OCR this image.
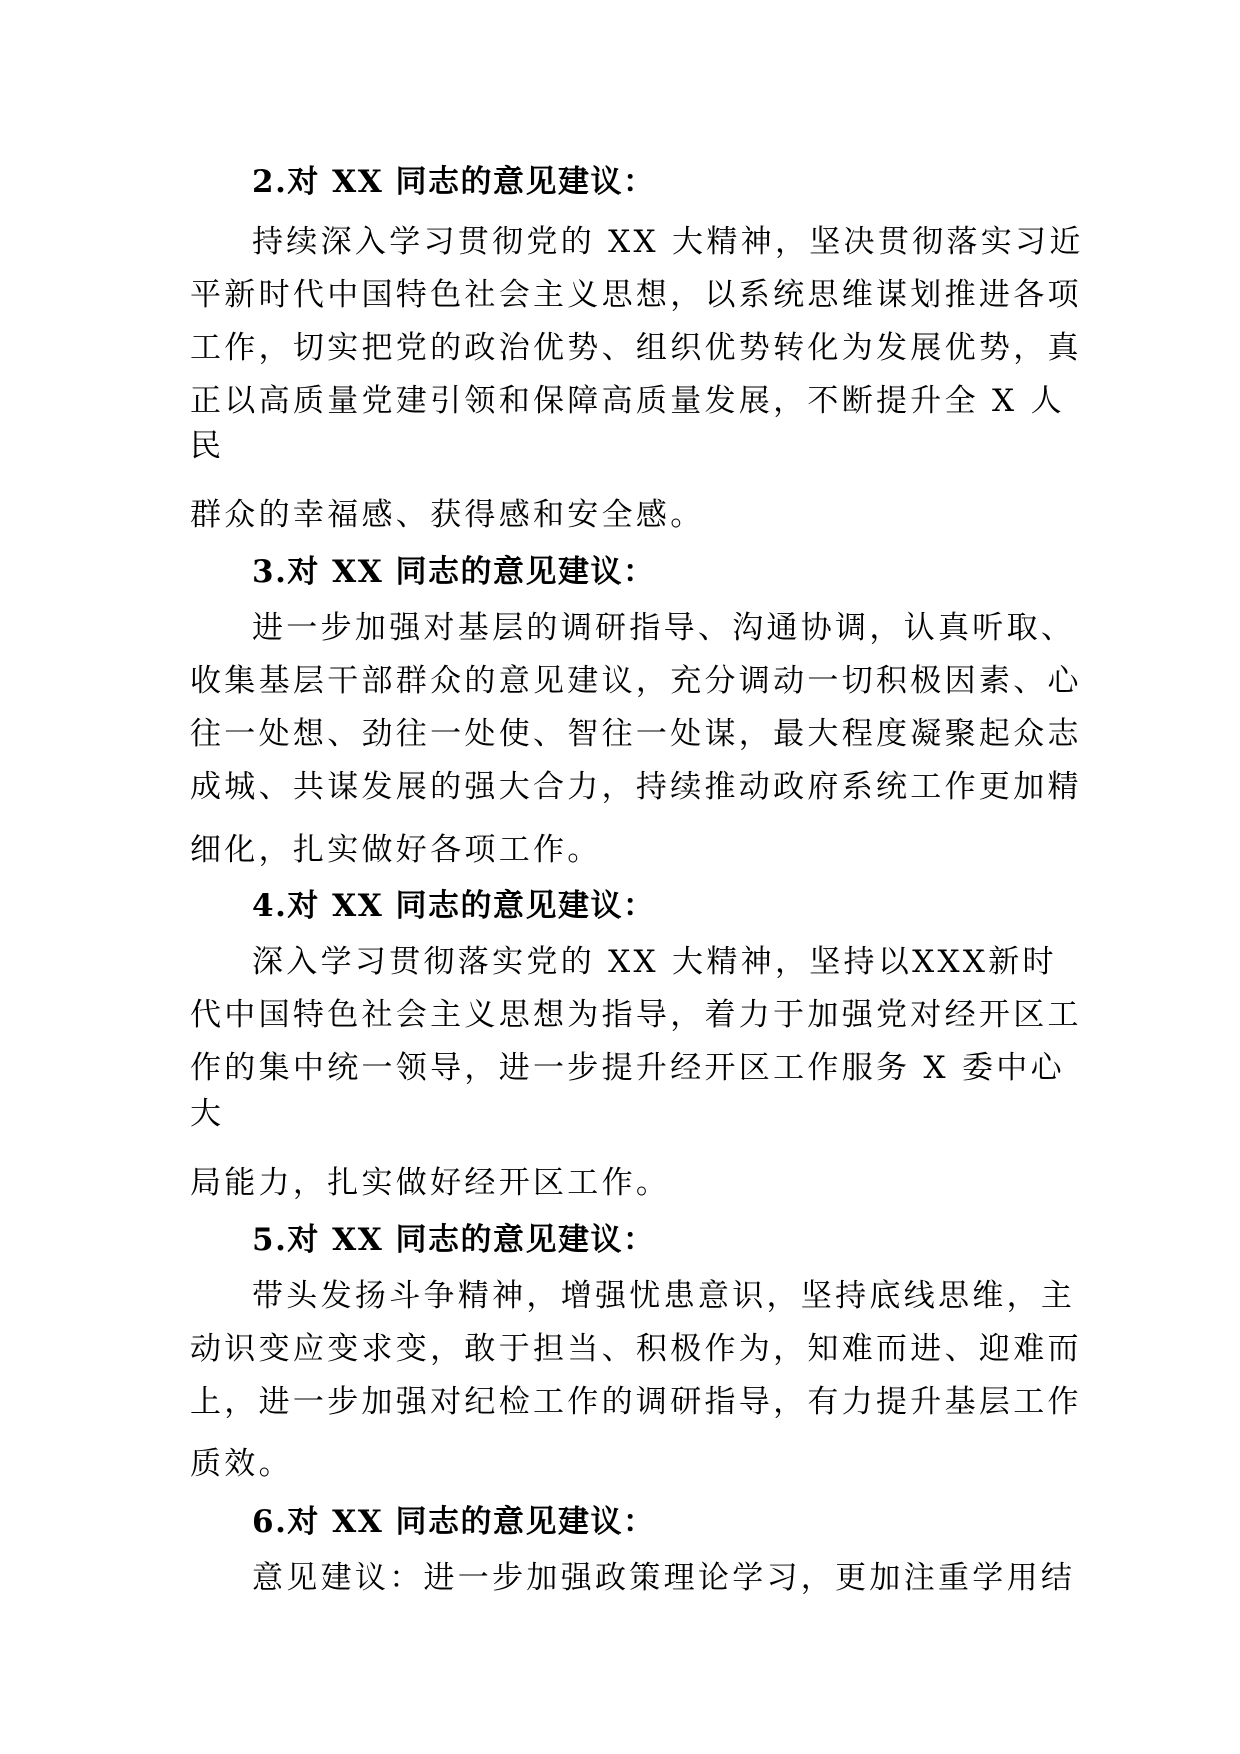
2.对 XX 同志的意见建议：
持续深入学习贯彻党的 XX 大精神，坚决贯彻落实习近
平新时代中国特色社会主义思想，以系统思维谋划推进各项
工作，切实把党的政治优势、组织优势转化为发展优势，真
正以高质量党建引领和保障高质量发展，不断提升全 X 人
民
群众的幸福感、获得感和安全感。
3.对 XX 同志的意见建议：
进一步加强对基层的调研指导、沟通协调，认真听取、
收集基层干部群众的意见建议，充分调动一切积极因素、心
往一处想、劲往一处使、智往一处谋，最大程度凝聚起众志
成城、共谋发展的强大合力，持续推动政府系统工作更加精
细化，扎实做好各项工作。
4.对 XX 同志的意见建议：
深入学习贯彻落实党的 XX 大精神，坚持以XXX新时
代中国特色社会主义思想为指导，着力于加强党对经开区工
作的集中统一领导，进一步提升经开区工作服务 X 委中心
大
局能力，扎实做好经开区工作。
5.对 XX 同志的意见建议：
带头发扬斗争精神，增强忧患意识，坚持底线思维，主
动识变应变求变，敢于担当、积极作为，知难而进、迎难而
上，进一步加强对纪检工作的调研指导，有力提升基层工作
质效。
6.对 XX 同志的意见建议：
意见建议：进一步加强政策理论学习，更加注重学用结
